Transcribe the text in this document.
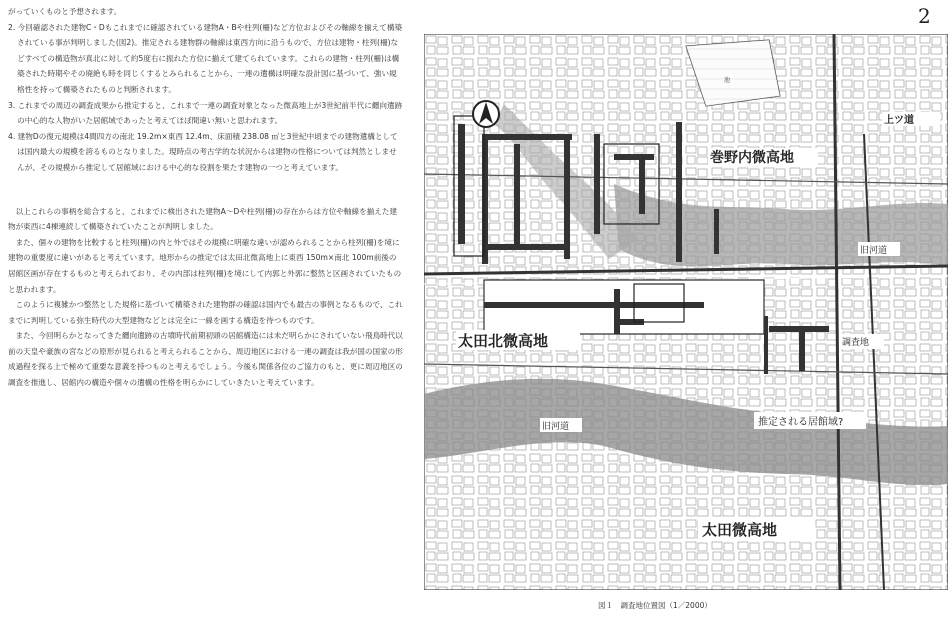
2

がっていくものと予想されます。

2. 今回確認された建物C・Dもこれまでに確認されている建物A・Bや柱列(柵)など方位およびその軸線を揃えて構築されている事が判明しました(図2)。推定される建物群の軸線は東西方向に沿うもので、方位は建物・柱列(柵)などすべての構造物が真北に対して約5度右に振れた方位に揃えて建てられています。これらの建物・柱列(柵)は構築された時期やその廃絶も時を同じくするとみられることから、一連の遺構は明確な設計図に基づいて、強い規格性を持って構築されたものと判断されます。

3. これまでの周辺の調査成果から推定すると、これまで一連の調査対象となった微高地上が3世紀前半代に纒向遺跡の中心的な人物がいた居館域であったと考えてほぼ間違い無いと思われます。

4. 建物Dの復元規模は4間四方の南北 19.2m×東西 12.4m、床面積 238.08 ㎡と3世紀中頃までの建物遺構としては国内最大の規模を誇るものとなりました。現時点の考古学的な状況からは建物の性格については判然としませんが、その規模から推定して居館域における中心的な役割を果たす建物の一つと考えています。

以上これらの事柄を総合すると、これまでに検出された建物A～Dや柱列(柵)の存在からは方位や軸線を揃えた建物が東西に4棟連続して構築されていたことが判明しました。

また、個々の建物を比較すると柱列(柵)の内と外ではその規模に明確な違いが認められることから柱列(柵)を境に建物の重要度に違いがあると考えています。地形からの推定では太田北微高地上に東西 150m×南北 100m前後の居館区画が存在するものと考えられており、その内部は柱列(柵)を境にして内郭と外郭に整然と区画されていたものと思われます。

このように複雑かつ整然とした規格に基づいて構築された建物群の確認は国内でも最古の事例となるもので、これまでに判明している弥生時代の大型建物などとは完全に一線を画する構造を待つものです。

また、今回明らかとなってきた纒向遺跡の古墳時代前期初頭の居館構造には未だ明らかにされていない飛鳥時代以前の天皇や豪族の宮などの原形が見られると考えられることから、周辺地区における一連の調査は我が国の国家の形成過程を探る上で極めて重要な意義を持つものと考えるでしょう。今後も関係各位のご協力のもと、更に周辺地区の調査を推進し、居館内の構造や個々の遺構の性格を明らかにしていきたいと考えています。

池
上ツ道
巻野内微高地
旧河道
調査地
太田北微高地
旧河道	推定される居館域?
太田微高地
図１　調査地位置図（1／2000）
